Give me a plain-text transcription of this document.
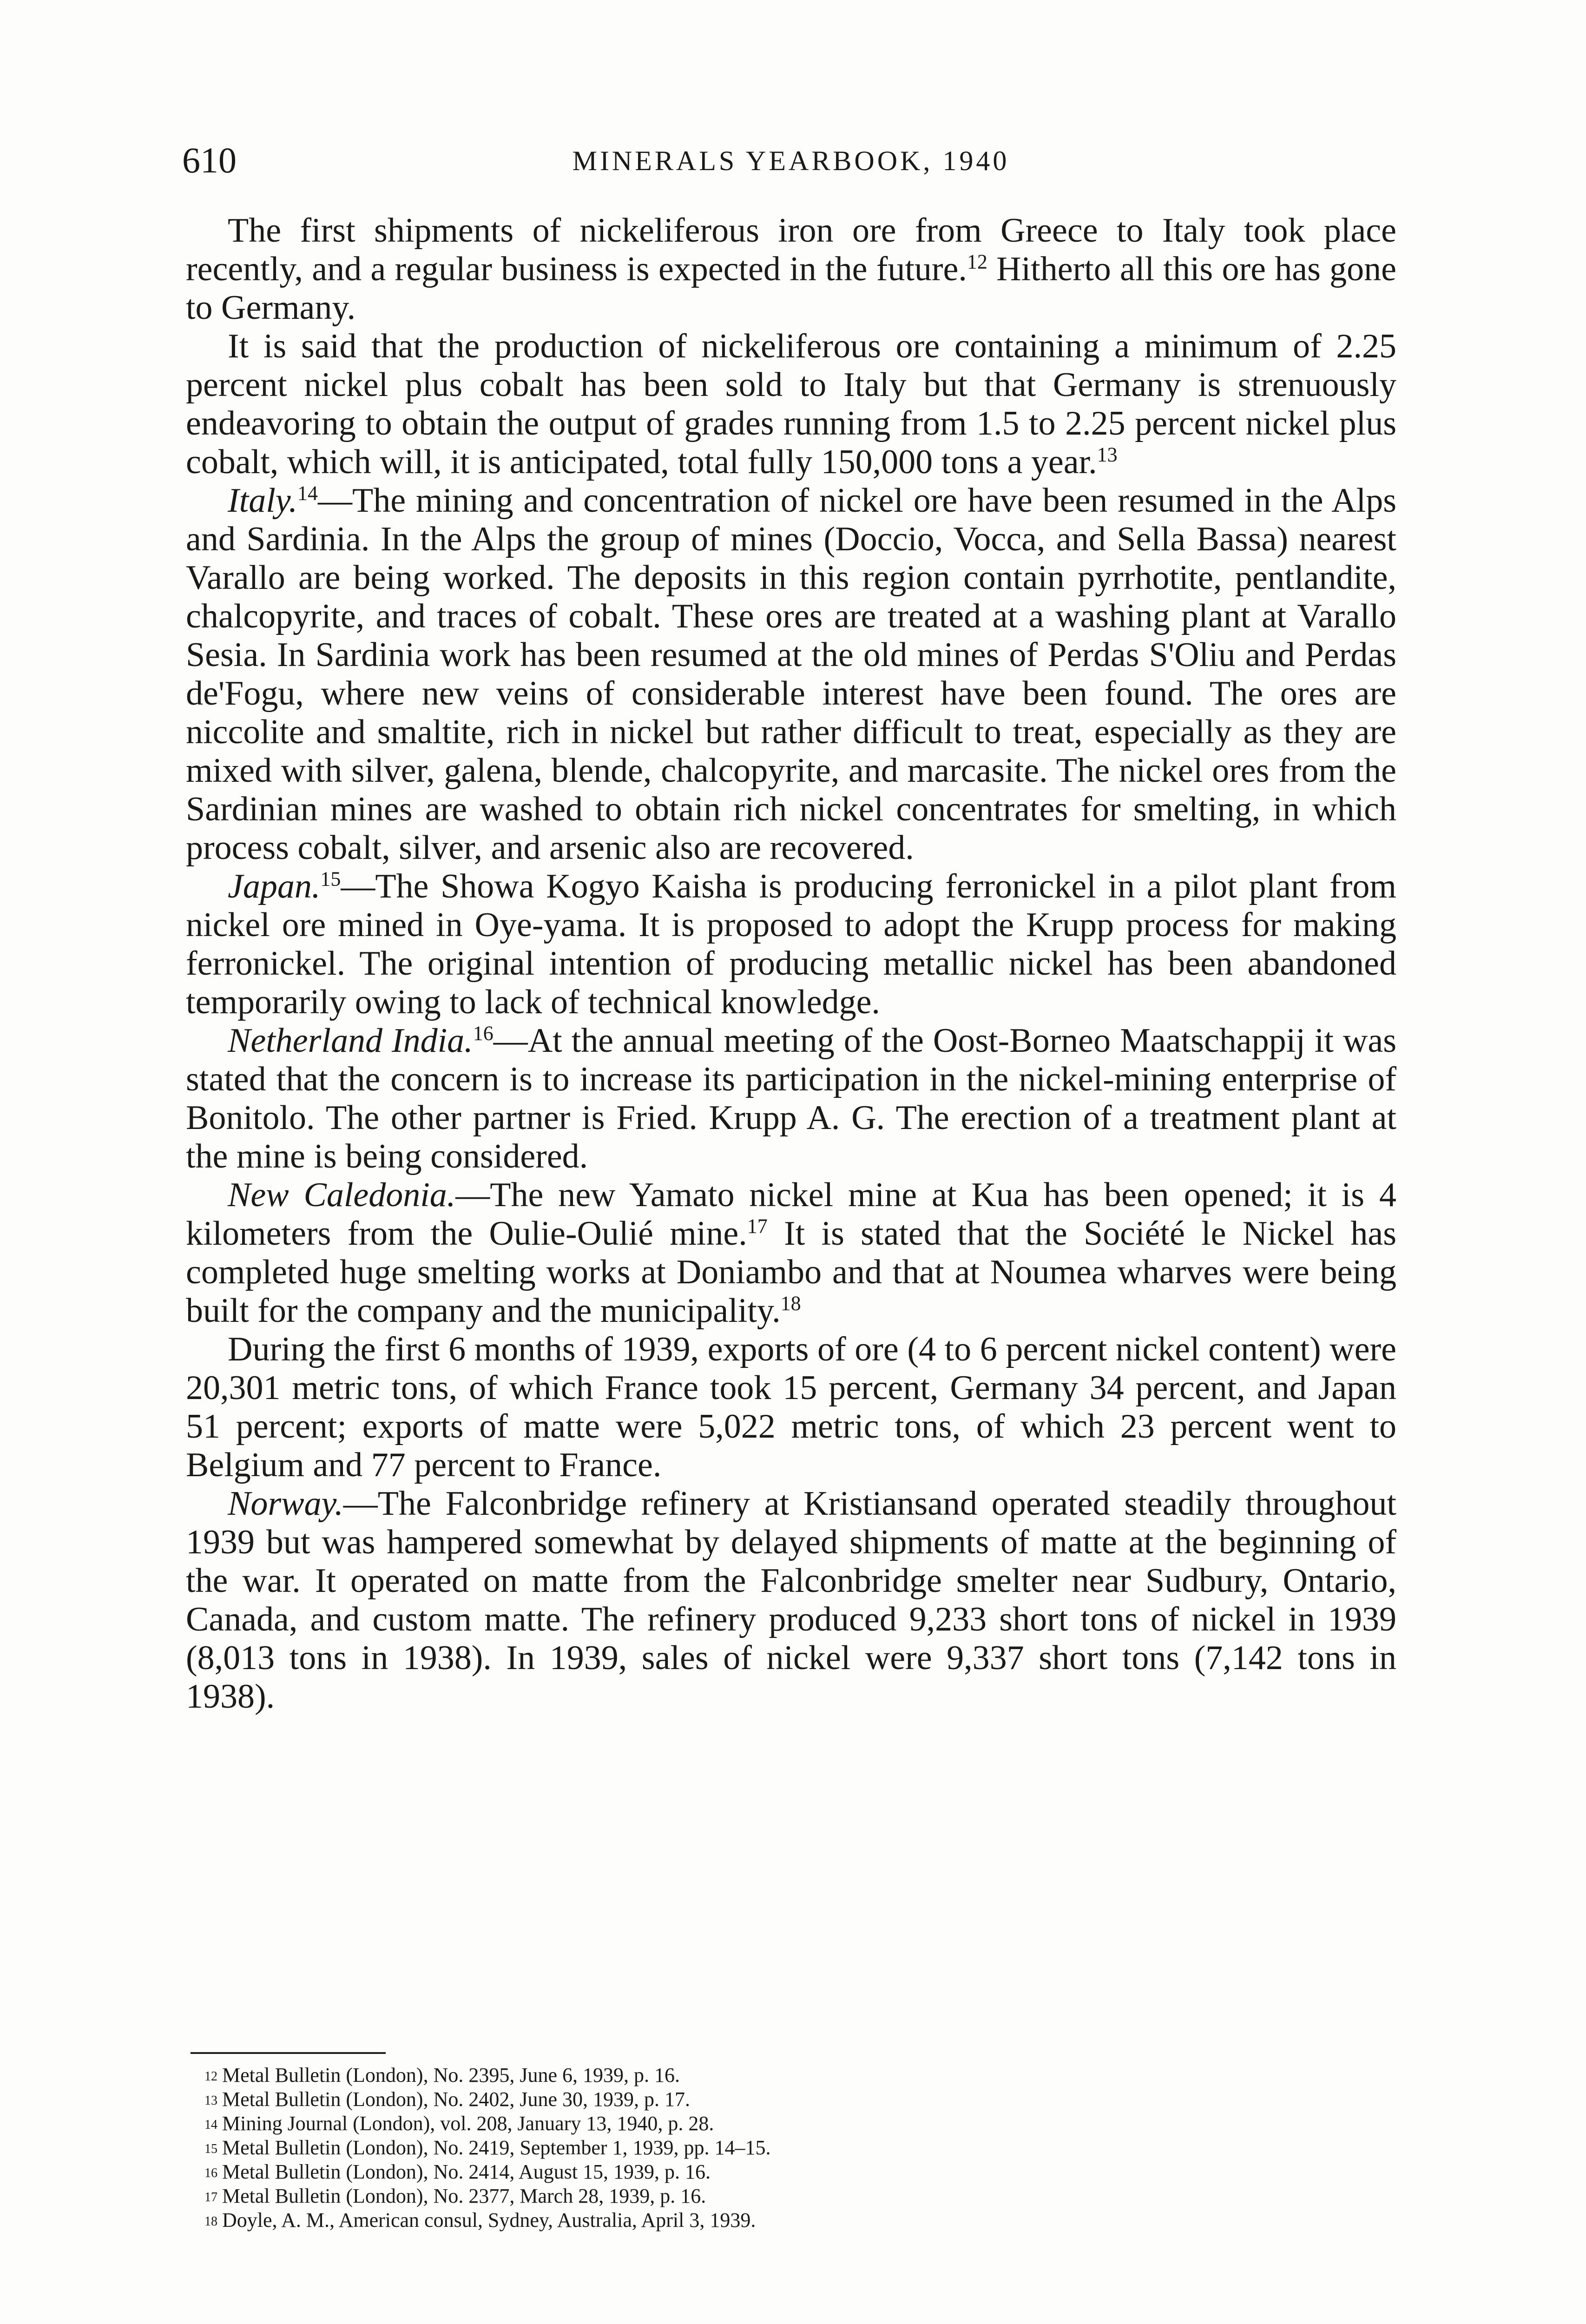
610	MINERALS YEARBOOK, 1940

The first shipments of nickeliferous iron ore from Greece to Italy took place recently, and a regular business is expected in the future.$^{12}$ Hitherto all this ore has gone to Germany.

It is said that the production of nickeliferous ore containing a minimum of 2.25 percent nickel plus cobalt has been sold to Italy but that Germany is strenuously endeavoring to obtain the output of grades running from 1.5 to 2.25 percent nickel plus cobalt, which will, it is anticipated, total fully 150,000 tons a year.$^{13}$

Italy.$^{14}$—The mining and concentration of nickel ore have been resumed in the Alps and Sardinia. In the Alps the group of mines (Doccio, Vocca, and Sella Bassa) nearest Varallo are being worked. The deposits in this region contain pyrrhotite, pentlandite, chalcopyrite, and traces of cobalt. These ores are treated at a washing plant at Varallo Sesia. In Sardinia work has been resumed at the old mines of Perdas S'Oliu and Perdas de'Fogu, where new veins of considerable interest have been found. The ores are niccolite and smaltite, rich in nickel but rather difficult to treat, especially as they are mixed with silver, galena, blende, chalcopyrite, and marcasite. The nickel ores from the Sardinian mines are washed to obtain rich nickel concentrates for smelting, in which process cobalt, silver, and arsenic also are recovered.

Japan.$^{15}$—The Showa Kogyo Kaisha is producing ferronickel in a pilot plant from nickel ore mined in Oye-yama. It is proposed to adopt the Krupp process for making ferronickel. The original intention of producing metallic nickel has been abandoned temporarily owing to lack of technical knowledge.

Netherland India.$^{16}$—At the annual meeting of the Oost-Borneo Maatschappij it was stated that the concern is to increase its participation in the nickel-mining enterprise of Bonitolo. The other partner is Fried. Krupp A. G. The erection of a treatment plant at the mine is being considered.

New Caledonia.—The new Yamato nickel mine at Kua has been opened; it is 4 kilometers from the Oulie-Oulié mine.$^{17}$ It is stated that the Société le Nickel has completed huge smelting works at Doniambo and that at Noumea wharves were being built for the company and the municipality.$^{18}$

During the first 6 months of 1939, exports of ore (4 to 6 percent nickel content) were 20,301 metric tons, of which France took 15 percent, Germany 34 percent, and Japan 51 percent; exports of matte were 5,022 metric tons, of which 23 percent went to Belgium and 77 percent to France.

Norway.—The Falconbridge refinery at Kristiansand operated steadily throughout 1939 but was hampered somewhat by delayed shipments of matte at the beginning of the war. It operated on matte from the Falconbridge smelter near Sudbury, Ontario, Canada, and custom matte. The refinery produced 9,233 short tons of nickel in 1939 (8,013 tons in 1938). In 1939, sales of nickel were 9,337 short tons (7,142 tons in 1938).

12 Metal Bulletin (London), No. 2395, June 6, 1939, p. 16.

13 Metal Bulletin (London), No. 2402, June 30, 1939, p. 17.

14 Mining Journal (London), vol. 208, January 13, 1940, p. 28.

15 Metal Bulletin (London), No. 2419, September 1, 1939, pp. 14–15.

16 Metal Bulletin (London), No. 2414, August 15, 1939, p. 16.

17 Metal Bulletin (London), No. 2377, March 28, 1939, p. 16.

18 Doyle, A. M., American consul, Sydney, Australia, April 3, 1939.
